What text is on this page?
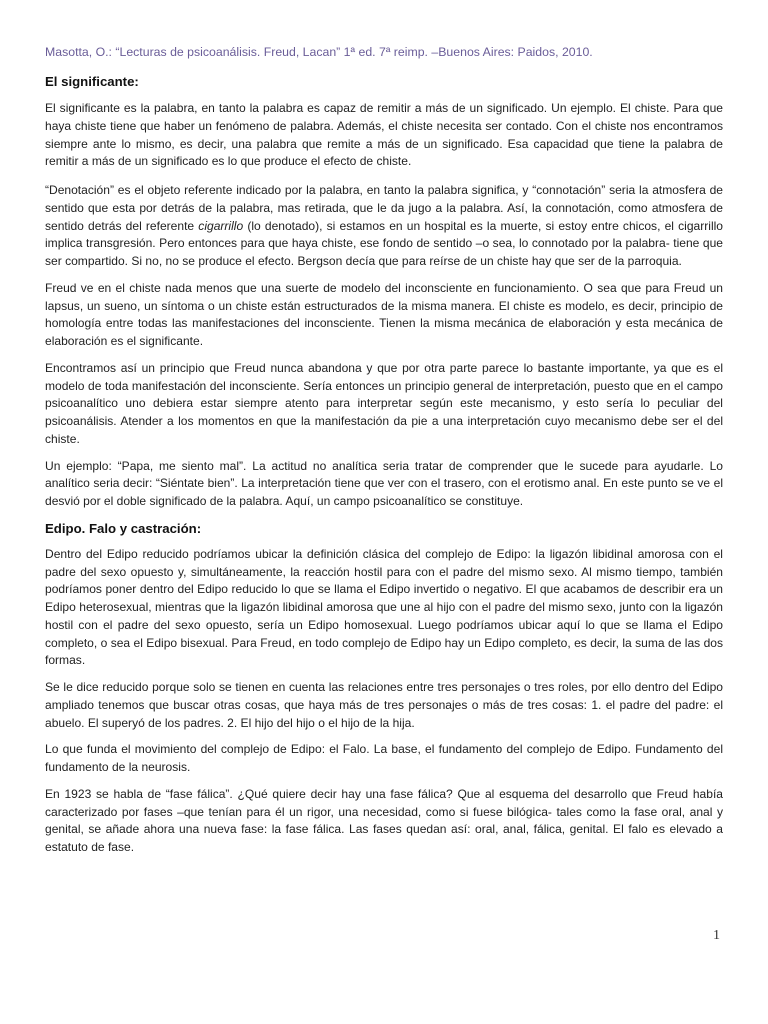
Masotta, O.: “Lecturas de psicoanálisis. Freud, Lacan” 1ª ed. 7ª reimp. –Buenos Aires: Paidos, 2010.
El significante:

El significante es la palabra, en tanto la palabra es capaz de remitir a más de un significado. Un ejemplo. El chiste. Para que haya chiste tiene que haber un fenómeno de palabra. Además, el chiste necesita ser contado. Con el chiste nos encontramos siempre ante lo mismo, es decir, una palabra que remite a más de un significado. Esa capacidad que tiene la palabra de remitir a más de un significado es lo que produce el efecto de chiste.

“Denotación” es el objeto referente indicado por la palabra, en tanto la palabra significa, y “connotación” seria la atmosfera de sentido que esta por detrás de la palabra, mas retirada, que le da jugo a la palabra. Así, la connotación, como atmosfera de sentido detrás del referente cigarrillo (lo denotado), si estamos en un hospital es la muerte, si estoy entre chicos, el cigarrillo implica transgresión. Pero entonces para que haya chiste, ese fondo de sentido –o sea, lo connotado por la palabra- tiene que ser compartido. Si no, no se produce el efecto. Bergson decía que para reírse de un chiste hay que ser de la parroquia.

Freud ve en el chiste nada menos que una suerte de modelo del inconsciente en funcionamiento. O sea que para Freud un lapsus, un sueno, un síntoma o un chiste están estructurados de la misma manera. El chiste es modelo, es decir, principio de homología entre todas las manifestaciones del inconsciente. Tienen la misma mecánica de elaboración y esta mecánica de elaboración es el significante.

Encontramos así un principio que Freud nunca abandona y que por otra parte parece lo bastante importante, ya que es el modelo de toda manifestación del inconsciente. Sería entonces un principio general de interpretación, puesto que en el campo psicoanalítico uno debiera estar siempre atento para interpretar según este mecanismo, y esto sería lo peculiar del psicoanálisis. Atender a los momentos en que la manifestación da pie a una interpretación cuyo mecanismo debe ser el del chiste.

Un ejemplo: “Papa, me siento mal”. La actitud no analítica seria tratar de comprender que le sucede para ayudarle. Lo analítico seria decir: “Siéntate bien”. La interpretación tiene que ver con el trasero, con el erotismo anal. En este punto se ve el desvió por el doble significado de la palabra. Aquí, un campo psicoanalítico se constituye.

Edipo. Falo y castración:

Dentro del Edipo reducido podríamos ubicar la definición clásica del complejo de Edipo: la ligazón libidinal amorosa con el padre del sexo opuesto y, simultáneamente, la reacción hostil para con el padre del mismo sexo. Al mismo tiempo, también podríamos poner dentro del Edipo reducido lo que se llama el Edipo invertido o negativo. El que acabamos de describir era un Edipo heterosexual, mientras que la ligazón libidinal amorosa que une al hijo con el padre del mismo sexo, junto con la ligazón hostil con el padre del sexo opuesto, sería un Edipo homosexual. Luego podríamos ubicar aquí lo que se llama el Edipo completo, o sea el Edipo bisexual. Para Freud, en todo complejo de Edipo hay un Edipo completo, es decir, la suma de las dos formas.

Se le dice reducido porque solo se tienen en cuenta las relaciones entre tres personajes o tres roles, por ello dentro del Edipo ampliado tenemos que buscar otras cosas, que haya más de tres personajes o más de tres cosas: 1. el padre del padre: el abuelo. El superyó de los padres. 2. El hijo del hijo o el hijo de la hija.

Lo que funda el movimiento del complejo de Edipo: el Falo. La base, el fundamento del complejo de Edipo. Fundamento del fundamento de la neurosis.

En 1923 se habla de “fase fálica”. ¿Qué quiere decir hay una fase fálica? Que al esquema del desarrollo que Freud había caracterizado por fases –que tenían para él un rigor, una necesidad, como si fuese bilógica- tales como la fase oral, anal y genital, se añade ahora una nueva fase: la fase fálica. Las fases quedan así: oral, anal, fálica, genital. El falo es elevado a estatuto de fase.

1
